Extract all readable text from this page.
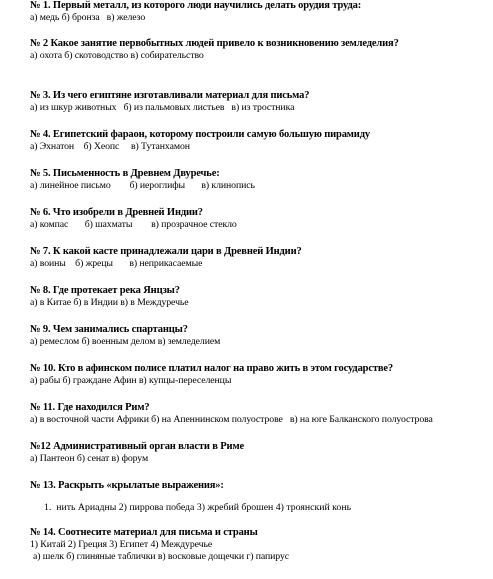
№ 1. Первый металл, из которого люди научились делать орудия труда:
а) медь б) бронза   в) железо
№ 2 Какое занятие первобытных людей привело к возникновению земледелия?
а) охота б) скотоводство в) собирательство
№ 3. Из чего египтяне изготавливали материал для письма?
а) из шкур животных   б) из пальмовых листьев   в) из тростника
№ 4. Египетский фараон, которому построили самую большую пирамиду
а) Эхнатон    б) Хеопс     в) Тутанхамон
№ 5. Письменность в Древнем Двуречье:
а) линейное письмо        б) иероглифы       в) клинопись
№ 6. Что изобрели в Древней Индии?
а) компас       б) шахматы        в) прозрачное стекло
№ 7. К какой касте принадлежали цари в Древней Индии?
а) воины    б) жрецы       в) неприкасаемые
№ 8. Где протекает река Янцзы?
а) в Китае б) в Индии в) в Междуречье
№ 9. Чем занимались спартанцы?
а) ремеслом б) военным делом в) земледелием
№ 10. Кто в афинском полисе платил налог на право жить в этом государстве?
а) рабы б) граждане Афин в) купцы-переселенцы
№ 11. Где находился Рим?
а) в восточной части Африки б) на Апеннинском полуострове   в) на юге Балканского полуострова
№12 Административный орган власти в Риме
а) Пантеон б) сенат в) форум
№ 13. Раскрыть «крылатые выражения»:
1.  нить Ариадны 2) пиррова победа 3) жребий брошен 4) троянский конь
№ 14. Соотнесите материал для письма и страны
1) Китай 2) Греция 3) Египет 4) Междуречье
а) шелк б) глиняные таблички в) восковые дощечки г) папирус
